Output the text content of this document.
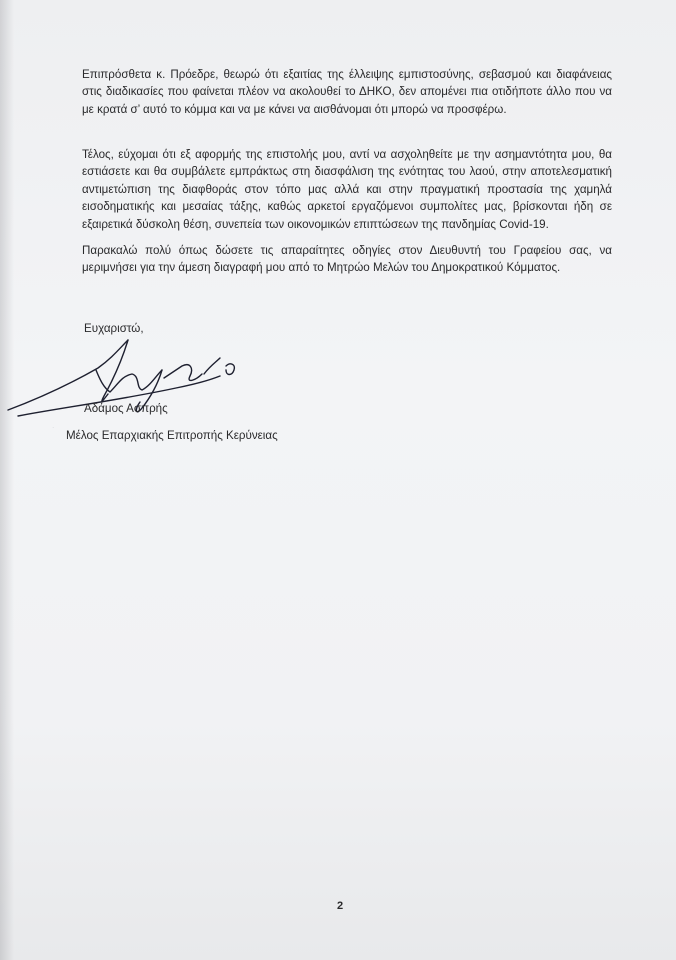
Επιπρόσθετα κ. Πρόεδρε, θεωρώ ότι εξαιτίας της έλλειψης εμπιστοσύνης, σεβασμού και διαφάνειας στις διαδικασίες που φαίνεται πλέον να ακολουθεί το ΔΗΚΟ, δεν απομένει πια οτιδήποτε άλλο που να με κρατά σ’ αυτό το κόμμα και να με κάνει να αισθάνομαι ότι μπορώ να προσφέρω.
Τέλος, εύχομαι ότι εξ αφορμής της επιστολής μου, αντί να ασχοληθείτε με την ασημαντότητα μου, θα εστιάσετε και θα συμβάλετε εμπράκτως στη διασφάλιση της ενότητας του λαού, στην αποτελεσματική αντιμετώπιση της διαφθοράς στον τόπο μας αλλά και στην πραγματική προστασία της χαμηλά εισοδηματικής και μεσαίας τάξης, καθώς αρκετοί εργαζόμενοι συμπολίτες μας, βρίσκονται ήδη σε εξαιρετικά δύσκολη θέση, συνεπεία των οικονομικών επιπτώσεων της πανδημίας Covid-19.
Παρακαλώ πολύ όπως δώσετε τις απαραίτητες οδηγίες στον Διευθυντή του Γραφείου σας, να μεριμνήσει για την άμεση διαγραφή μου από το Μητρώο Μελών του Δημοκρατικού Κόμματος.
Ευχαριστώ,
Αδάμος Ασπρής
Μέλος Επαρχιακής Επιτροπής Κερύνειας
2
